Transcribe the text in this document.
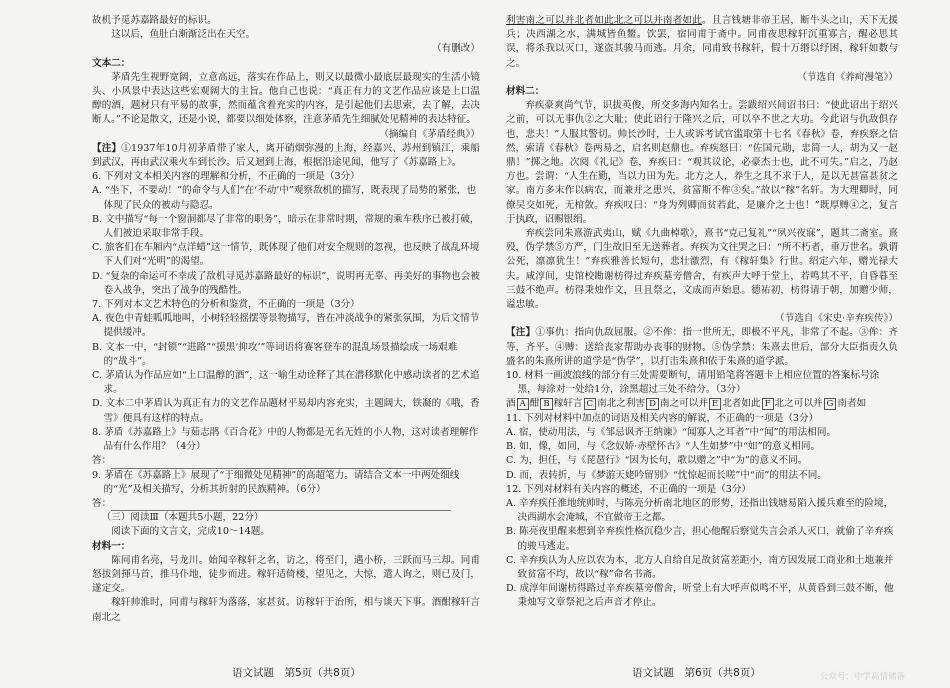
故机予觅苏嘉路最好的标识。

这以后，鱼肚白渐渐泛出在天空。

（有删改）

文本二：

茅盾先生视野宽阔，立意高远，落实在作品上，则又以最微小最底层最现实的生活小镜头、小风景中表达这些宏观阔大的主旨。他自己也说：“真正有力的文艺作品应该是上口温醇的酒，题材只有平易的故事，然而蕴含着充实的内容，是引起他们去思索，去了解，去决断人。”不论是散文，还是小说，都要以细处体察，注意茅盾先生细腻处见精神的表达特征。

（摘编自《茅盾经典》）

【注】①1937年10月初茅盾带了家人，离开硝烟弥漫的上海，经嘉兴、苏州到镇江，乘船到武汉，再由武汉乘火车到长沙。后又迴到上海，根据沿途见闻，他写了《苏嘉路上》。

6. 下列对文本相关内容的理解和分析，不正确的一项是（3分）

A. “坐下，不要动！”的命令与人们“在‘不动’中”观察敌机的描写，既表现了局势的紧张，也体现了民众的被动与隐忍。

B. 文中描写“每一个窗洞都尽了非常的职务”，暗示在非常时期，常规的乘车秩序已被打破，人们被迫采取非常手段。

C. 旅客们在车厢内“点洋蜡”这一情节，既体现了他们对安全规则的忽视，也反映了战乱环境下人们对“光明”的渴望。

D. “复杂的命运可不幸成了敌机寻觅苏嘉路最好的标识”，说明再无辜、再美好的事物也会被卷入战争，突出了战争的残酷性。

7. 下列对本文艺术特色的分析和鉴赏，不正确的一项是（3分）

A. 夜色中青蛙呱呱地叫，小树轻轻摇摆等景物描写，皆在冲淡战争的紧张氛围，为后文情节提供缓冲。

B. 文本一中，“封锁”“进路”“摸黑‘抑攻’”等词语将赛客登车的混乱场景描绘成一场艰难的“战斗”。

C. 茅盾认为作品应如“上口温醇的酒”，这一喻生动诠释了其在潜移默化中感动读者的艺术追求。

D. 文本二中茅盾认为真正有力的文艺作品题材平易却内容充实，主题阔大，铁凝的《哦，香雪》便具有这样的特点。

8. 茅盾《苏嘉路上》与茹志鹃《百合花》中的人物都是无名无姓的小人物，这对读者理解作品有什么作用？（4分）

答：

9. 茅盾在《苏嘉路上》展现了“于细微处见精神”的高超笔力。请结合文本一中两处细线的“光”及相关描写，分析其折射的民族精神。（6分）

答：

（三）阅读Ⅲ（本题共5小题，22分）

阅读下面的文言文，完成10～14题。

材料一：

陈同甫名亮，号龙川。始闻辛稼轩之名，访之，将至门，遇小桥，三跃而马三却。同甫怒拔剑揮马首，推马仆地，徒步而进。稼轩适倚楼，望见之，大惊，遣人询之，则已及门，遂定交。

稼轩帅淮时，同甫与稼轩为落落，家甚贫。访稼轩于治所，相与谈天下事。酒酣稼轩言南北之

利害南之可以并北者如此北之可以并南者如此。且言钱塘非帝王居，断牛头之山，天下无援兵；决西湖之水，满城皆鱼鳖。饮罢，宿同甫于斋中。同甫夜思稼轩沉重寡言，醒必思其误，将杀我以灭口，遂盗其骏马而逃。月余，同甫致书稼轩，假十万缗以纾困，稼轩如数与之。

（节选自《养疴漫笔》）

材料二：

弃疾豪爽尚气节，识拔英俊，所交多海内知名士。尝跋绍兴间诏书曰：“使此诏出于绍兴之前，可以无事仇②之大耻；使此诏行于隆兴之后，可以卒不世之大功。今此诏与仇敌俱存也，悲夫！”人服其警切。帅长沙时，士人或诉考试官滥取第十七名《春秋》卷，弃疾察之信然，索请《春秋》卷两易之，启名则赵鼎也。弃疾怒曰：“佐国元勋，忠简一人，胡为又一赵鼎！”掷之地。次阅《礼记》卷，弃疾曰：“观其议论，必豪杰士也，此不可失。”启之，乃赵方也。尝谓：“人生在勤，当以力田为先。北方之人，养生之具不求于人，是以无甚富甚贫之家。南方多末作以病农，而兼并之患兴，贫富斯不侔③矣。”故以“稼”名轩。为大理卿时，同僚吴交如死，无棺敛。弃疾叹曰：“身为列卿而贫若此，是廉介之士也！”既厚赙④之，复言于执政，诏赐银绢。

弃疾尝同朱熹游武夷山，赋《九曲棹歌》，熹书“克己复礼”“夙兴夜寐”，题其二斋室。熹殁，伪学禁⑤方严，门生故旧至无送葬者。弃疾为文往哭之曰：“所不朽者，垂万世名。孰谓公死，凛凛犹生！”弃疾雅善长短句，悲壮激烈，有《稼轩集》行世。绍定六年，赠光禄大夫。咸淳间，史馆校勘谢枋得过弃疾墓旁僧舍，有疾声大呼于堂上，若鸣其不平，自昏暮至三鼓不绝声。枋得秉烛作文，旦且祭之，文成而声始息。德祐初，枋得请于朝，加赠少师，谥忠敏。

（节选自《宋史·辛弃疾传》）

【注】①事仇：指向仇敌屈服。②不侔：指一世所无，即极不平凡，非常了不起。③侔：齐等，齐平。④赙：送给丧家帮助办丧事的财物。⑤伪学禁：朱熹去世后，部分大臣指责久负盛名的朱熹所讲的道学是“伪学”，以打击朱熹和依于朱熹的道学派。

10. 材料一画波浪线的部分有三处需要断句，请用铅笔将答题卡上相应位置的答案标号涂黑，每涂对一处给1分，涂黑超过三处不给分。（3分）

酒 A 酣 B 稼轩言 C 南北之利害 D 南之可以并 E 北者如此 F 北之可以并 G 南者如

11. 下列对材料中加点的词语及相关内容的解说，不正确的一项是（3分）

A. 宿，使动用法，与《邹忌讽齐王纳谏》“闻寡人之耳者”中“闻”的用法相同。

B. 如，像，如同，与《念奴娇·赤壁怀古》“人生如梦”中“如”的意义相同。

C. 为，担任，与《琵琶行》“因为长句，歌以赠之”中“为”的意义不同。

D. 而，表转折，与《梦游天姥吟留别》“忱惊起而长嗟”中“而”的用法不同。

12. 下列对材料有关内容的概述，不正确的一项是（3分）

A. 辛弃疾任淮地统帅时，与陈亮分析南北地区的形势，还指出钱塘易陷入援兵难至的险境，决西湖水会淹城，不宜做帝王之都。

B. 陈亮夜里醒来想到辛弃疾性格沉稳少言，担心他醒后察觉失言会杀人灭口，就偷了辛弃疾的骏马逃走。

C. 辛弃疾认为人应以农为本，北方人自给自足故贫富差距小，南方因发展工商业和土地兼并致贫富不均，故以“稼”命名书斋。

D. 成淳年间谢枋得路过辛弃疾墓旁僧舍，听堂上有大呼声似鸣不平，从黄昏到三鼓不断，他秉烛写文章祭祀之后声音才停止。

语文试题　第5页（共8页）	语文试题　第6页（共8页）	公众号：中学高情储备
